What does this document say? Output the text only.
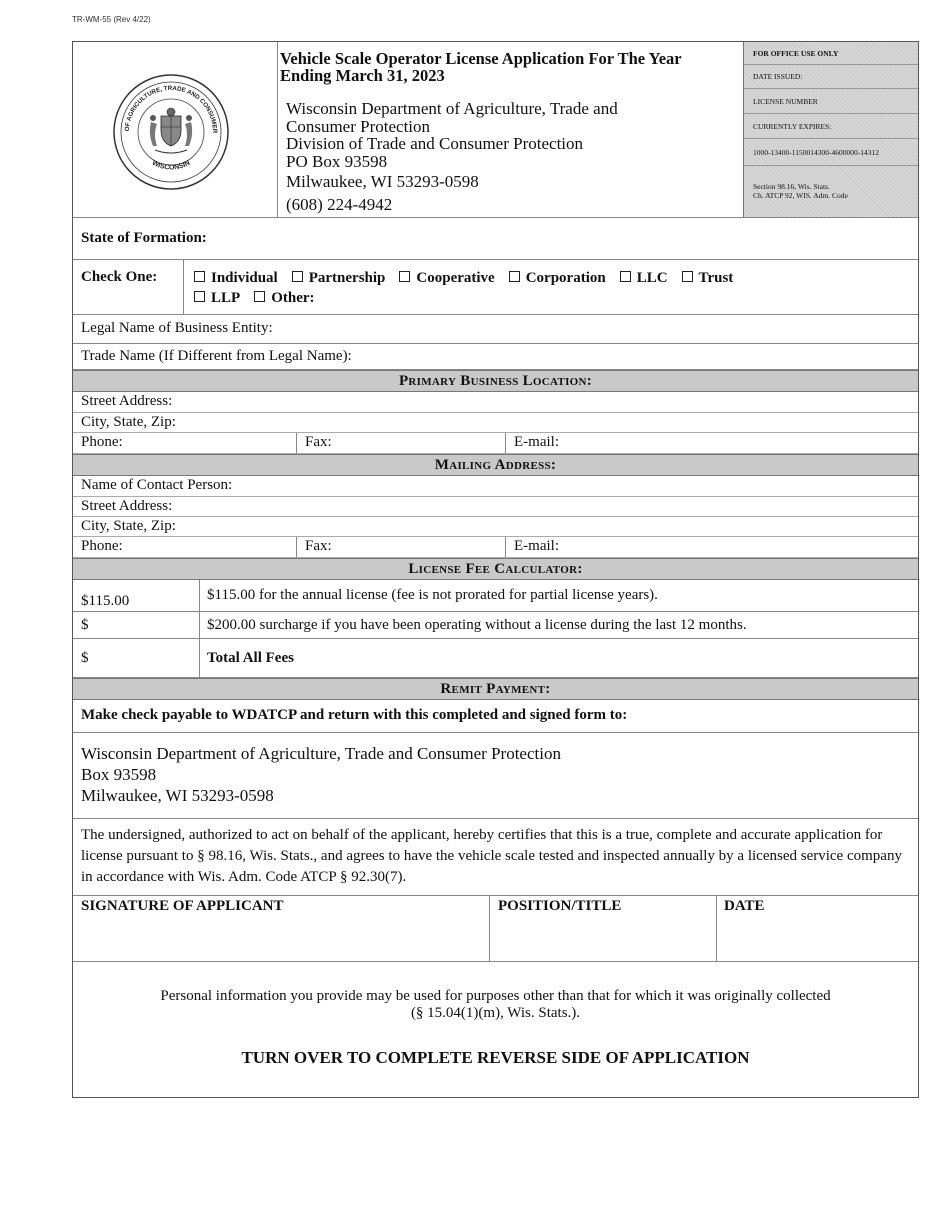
TR-WM-55 (Rev 4/22)
OF AGRICULTURE, TRADE AND CONSUMER
WISCONSIN
Vehicle Scale Operator License Application For The Year
Ending March 31, 2023
Wisconsin Department of Agriculture, Trade and
Consumer Protection
Division of Trade and Consumer Protection
PO Box 93598
Milwaukee, WI 53293-0598
(608) 224-4942
FOR OFFICE USE ONLY
DATE ISSUED:
LICENSE NUMBER
CURRENTLY EXPIRES:
1000-13400-1150014300-4600000-14312
Section 98.16, Wis. Stats.
Ch. ATCP 92, WIS. Adm. Code
State of Formation:
Check One:	Individual Partnership Cooperative Corporation LLC Trust
LLP Other:
Legal Name of Business Entity:
Trade Name (If Different from Legal Name):
Primary Business Location:
Street Address:
City, State, Zip:
Phone:	Fax:	E-mail:
Mailing Address:
Name of Contact Person:
Street Address:
City, State, Zip:
Phone:	Fax:	E-mail:
License Fee Calculator:
$115.00	$115.00 for the annual license (fee is not prorated for partial license years).
$	$200.00 surcharge if you have been operating without a license during the last 12 months.
$	Total All Fees
Remit Payment:
Make check payable to WDATCP and return with this completed and signed form to:
Wisconsin Department of Agriculture, Trade and Consumer Protection
Box 93598
Milwaukee, WI 53293-0598
The undersigned, authorized to act on behalf of the applicant, hereby certifies that this is a true, complete and accurate application for license pursuant to § 98.16, Wis. Stats., and agrees to have the vehicle scale tested and inspected annually by a licensed service company in accordance with Wis. Adm. Code ATCP § 92.30(7).
SIGNATURE OF APPLICANT	POSITION/TITLE	DATE
Personal information you provide may be used for purposes other than that for which it was originally collected
(§ 15.04(1)(m), Wis. Stats.).
TURN OVER TO COMPLETE REVERSE SIDE OF APPLICATION
